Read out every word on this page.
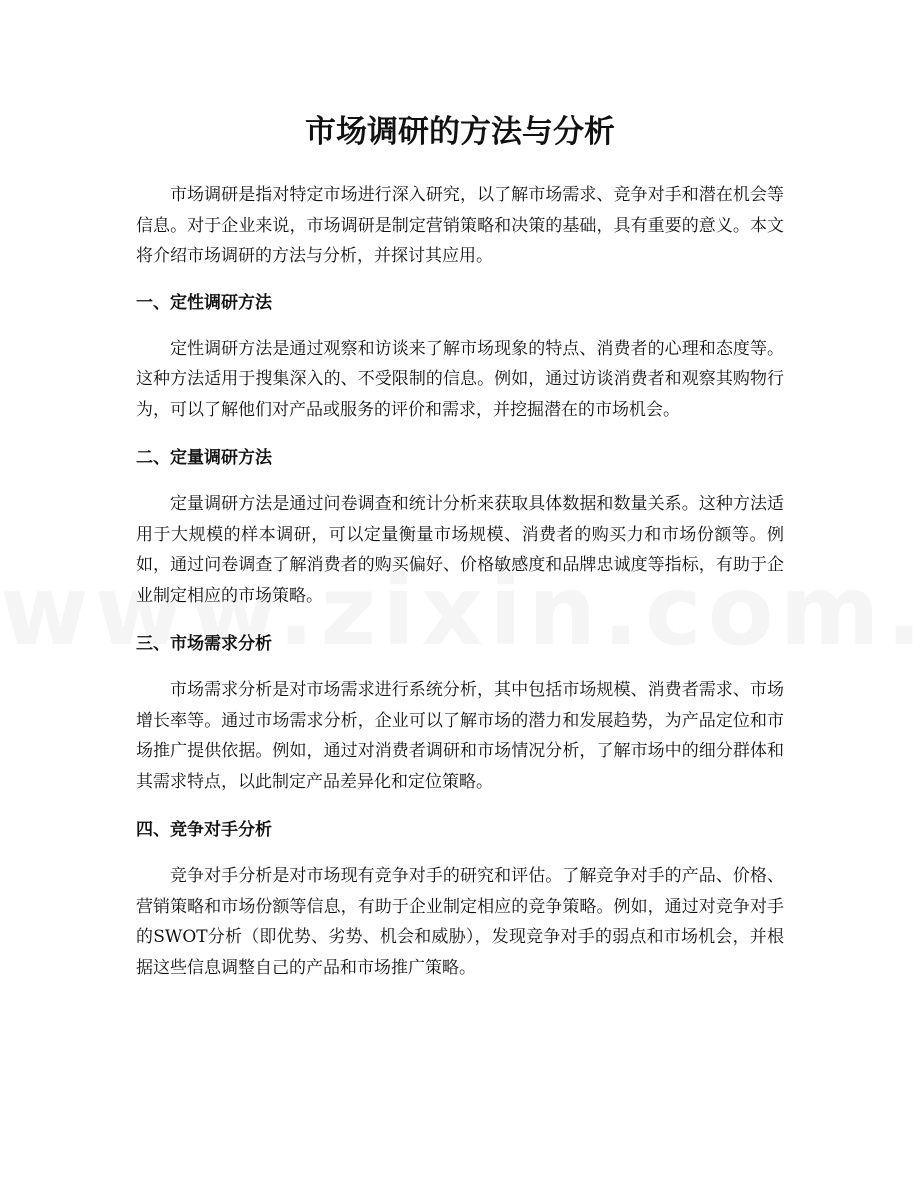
市场调研的方法与分析

市场调研是指对特定市场进行深入研究，以了解市场需求、竞争对手和潜在机会等信息。对于企业来说，市场调研是制定营销策略和决策的基础，具有重要的意义。本文将介绍市场调研的方法与分析，并探讨其应用。

一、定性调研方法

定性调研方法是通过观察和访谈来了解市场现象的特点、消费者的心理和态度等。这种方法适用于搜集深入的、不受限制的信息。例如，通过访谈消费者和观察其购物行为，可以了解他们对产品或服务的评价和需求，并挖掘潜在的市场机会。

二、定量调研方法

定量调研方法是通过问卷调查和统计分析来获取具体数据和数量关系。这种方法适用于大规模的样本调研，可以定量衡量市场规模、消费者的购买力和市场份额等。例如，通过问卷调查了解消费者的购买偏好、价格敏感度和品牌忠诚度等指标，有助于企业制定相应的市场策略。

三、市场需求分析

市场需求分析是对市场需求进行系统分析，其中包括市场规模、消费者需求、市场增长率等。通过市场需求分析，企业可以了解市场的潜力和发展趋势，为产品定位和市场推广提供依据。例如，通过对消费者调研和市场情况分析，了解市场中的细分群体和其需求特点，以此制定产品差异化和定位策略。

四、竞争对手分析

竞争对手分析是对市场现有竞争对手的研究和评估。了解竞争对手的产品、价格、营销策略和市场份额等信息，有助于企业制定相应的竞争策略。例如，通过对竞争对手的SWOT分析（即优势、劣势、机会和威胁），发现竞争对手的弱点和市场机会，并根据这些信息调整自己的产品和市场推广策略。
